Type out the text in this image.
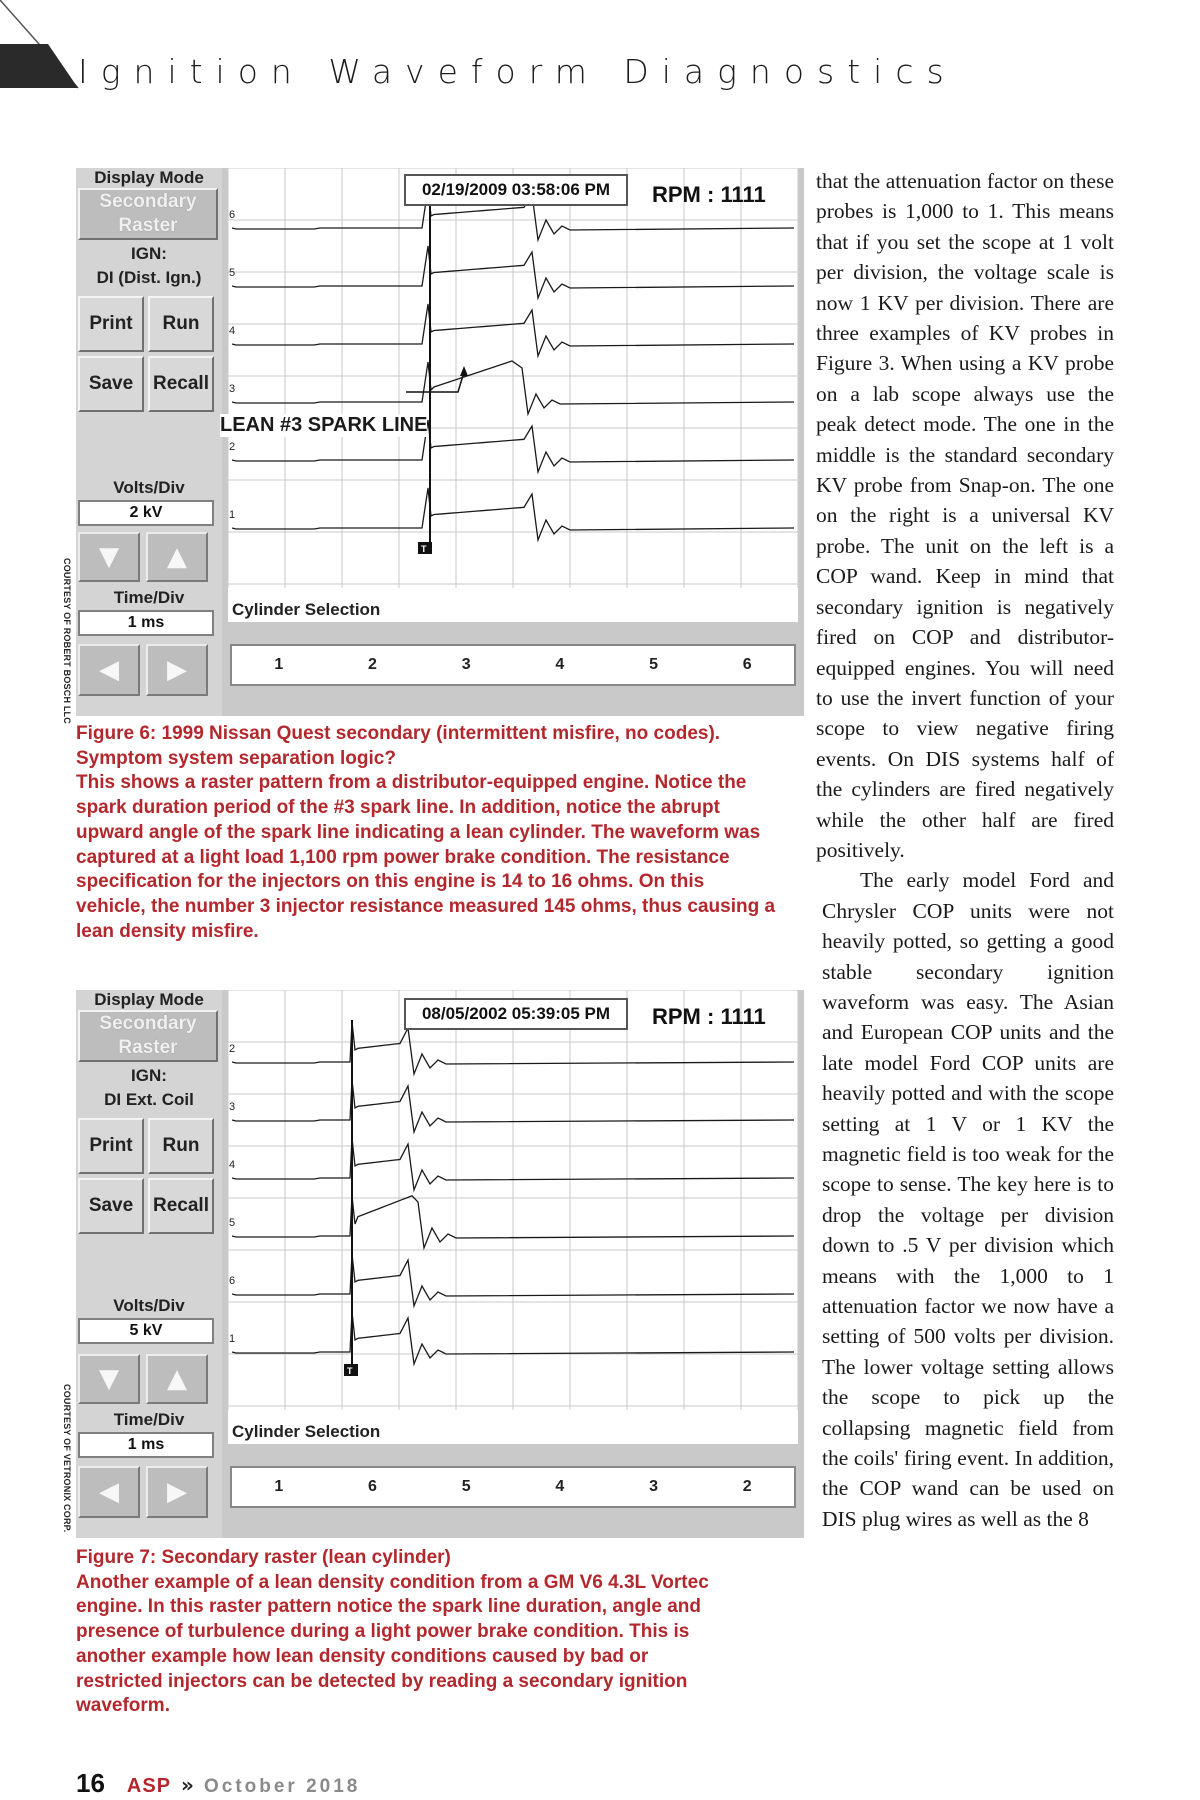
Ignition Waveform Diagnostics
Display Mode
Secondary
Raster
IGN:
DI (Dist. Ign.)
Print	Run
Save	Recall
Volts/Div
2 kV
▼ ▲
Time/Div
1 ms
◀ ▶
6
5
4
3
2
1
T
02/19/2009 03:58:06 PM	RPM : 1111
LEAN #3 SPARK LINE
Cylinder Selection
1	2	3	4	5	6
COURTESY OF ROBERT BOSCH LLC
Figure 6: 1999 Nissan Quest secondary (intermittent misfire, no codes). Symptom system separation logic?
This shows a raster pattern from a distributor-equipped engine. Notice the spark duration period of the #3 spark line. In addition, notice the abrupt upward angle of the spark line indicating a lean cylinder. The waveform was captured at a light load 1,100 rpm power brake condition. The resistance specification for the injectors on this engine is 14 to 16 ohms. On this vehicle, the number 3 injector resistance measured 145 ohms, thus causing a lean density misfire.
Display Mode
Secondary
Raster
IGN:
DI Ext. Coil
Print	Run
Save	Recall
Volts/Div
5 kV
▼ ▲
Time/Div
1 ms
◀ ▶
2
3
4
5
6
1
T
08/05/2002 05:39:05 PM	RPM : 1111
Cylinder Selection
1	6	5	4	3	2
COURTESY OF VETRONIX CORP.
Figure 7: Secondary raster (lean cylinder)
Another example of a lean density condition from a GM V6 4.3L Vortec engine. In this raster pattern notice the spark line duration, angle and presence of turbulence during a light power brake condition. This is another example how lean density conditions caused by bad or restricted injectors can be detected by reading a secondary ignition waveform.

that the attenuation factor on these probes is 1,000 to 1. This means that if you set the scope at 1 volt per division, the voltage scale is now 1 KV per division. There are three examples of KV probes in Figure 3. When using a KV probe on a lab scope always use the peak detect mode. The one in the middle is the standard secondary KV probe from Snap-on. The one on the right is a universal KV probe. The unit on the left is a COP wand. Keep in mind that secondary ignition is negatively fired on COP and distributor-equipped engines. You will need to use the invert function of your scope to view negative firing events. On DIS systems half of the cylinders are fired negatively while the other half are fired positively.

The early model Ford and Chrysler COP units were not heavily potted, so getting a good stable secondary ignition waveform was easy. The Asian and European COP units and the late model Ford COP units are heavily potted and with the scope setting at 1 V or 1 KV the magnetic field is too weak for the scope to sense. The key here is to drop the voltage per division down to .5 V per division which means with the 1,000 to 1 attenuation factor we now have a setting of 500 volts per division. The lower voltage setting allows the scope to pick up the collapsing magnetic field from the coils' firing event. In addition, the COP wand can be used on DIS plug wires as well as the 8

16 ASP » October 2018
